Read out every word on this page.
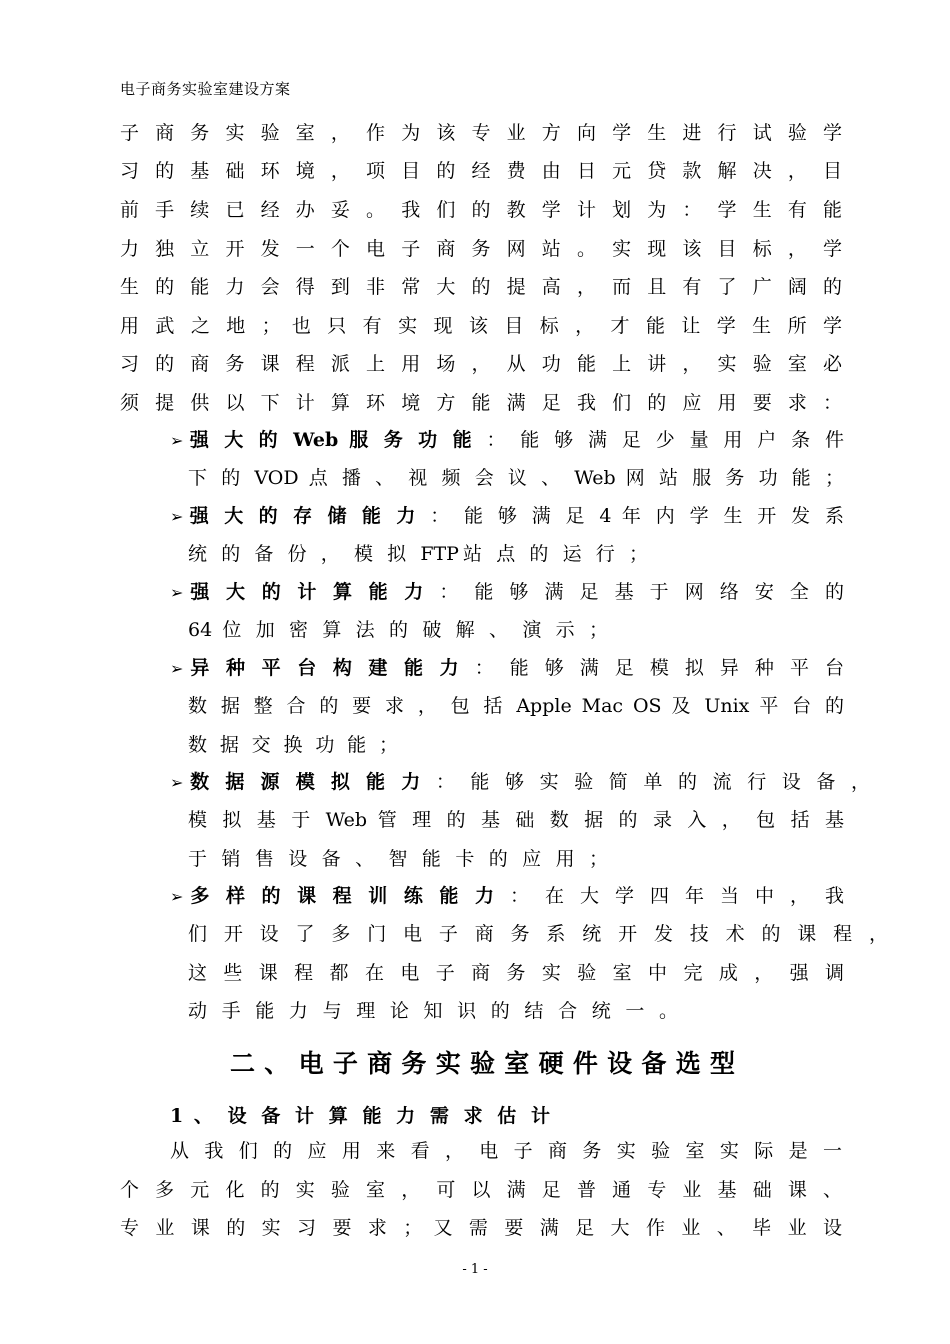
电子商务实验室建设方案
子 商 务 实 验 室 ， 作 为 该 专 业 方 向 学 生 进 行 试 验 学
习 的 基 础 环 境 ， 项 目 的 经 费 由 日 元 贷 款 解 决 ， 目
前 手 续 已 经 办 妥 。 我 们 的 教 学 计 划 为 ： 学 生 有 能
力 独 立 开 发 一 个 电 子 商 务 网 站 。 实 现 该 目 标 ， 学
生 的 能 力 会 得 到 非 常 大 的 提 高 ， 而 且 有 了 广 阔 的
用 武 之 地 ； 也 只 有 实 现 该 目 标 ， 才 能 让 学 生 所 学
习 的 商 务 课 程 派 上 用 场 ， 从 功 能 上 讲 ， 实 验 室 必
须 提 供 以 下 计 算 环 境 方 能 满 足 我 们 的 应 用 要 求 ：
➢ 强 大 的 Web 服 务 功 能 ： 能 够 满 足 少 量 用 户 条 件
下 的 VOD 点 播 、 视 频 会 议 、 Web 网 站 服 务 功 能 ；
➢ 强 大 的 存 储 能 力 ： 能 够 满 足 4 年 内 学 生 开 发 系
统 的 备 份 ， 模 拟 FTP站 点 的 运 行 ；
➢ 强 大 的 计 算 能 力 ： 能 够 满 足 基 于 网 络 安 全 的
64 位 加 密 算 法 的 破 解 、 演 示 ；
➢ 异 种 平 台 构 建 能 力 ： 能 够 满 足 模 拟 异 种 平 台
数 据 整 合 的 要 求 ， 包 括 Apple Mac OS 及 Unix 平 台 的
数 据 交 换 功 能 ；
➢ 数 据 源 模 拟 能 力 ： 能 够 实 验 简 单 的 流 行 设 备 ，
模 拟 基 于 Web 管 理 的 基 础 数 据 的 录 入 ， 包 括 基
于 销 售 设 备 、 智 能 卡 的 应 用 ；
➢ 多 样 的 课 程 训 练 能 力 ： 在 大 学 四 年 当 中 ， 我
们 开 设 了 多 门 电 子 商 务 系 统 开 发 技 术 的 课 程 ，
这 些 课 程 都 在 电 子 商 务 实 验 室 中 完 成 ， 强 调
动 手 能 力 与 理 论 知 识 的 结 合 统 一 。
二 、 电 子 商 务 实 验 室 硬 件 设 备 选 型
1 、 设 备 计 算 能 力 需 求 估 计
从 我 们 的 应 用 来 看 ， 电 子 商 务 实 验 室 实 际 是 一
个 多 元 化 的 实 验 室 ， 可 以 满 足 普 通 专 业 基 础 课 、
专 业 课 的 实 习 要 求 ； 又 需 要 满 足 大 作 业 、 毕 业 设
- 1 -
